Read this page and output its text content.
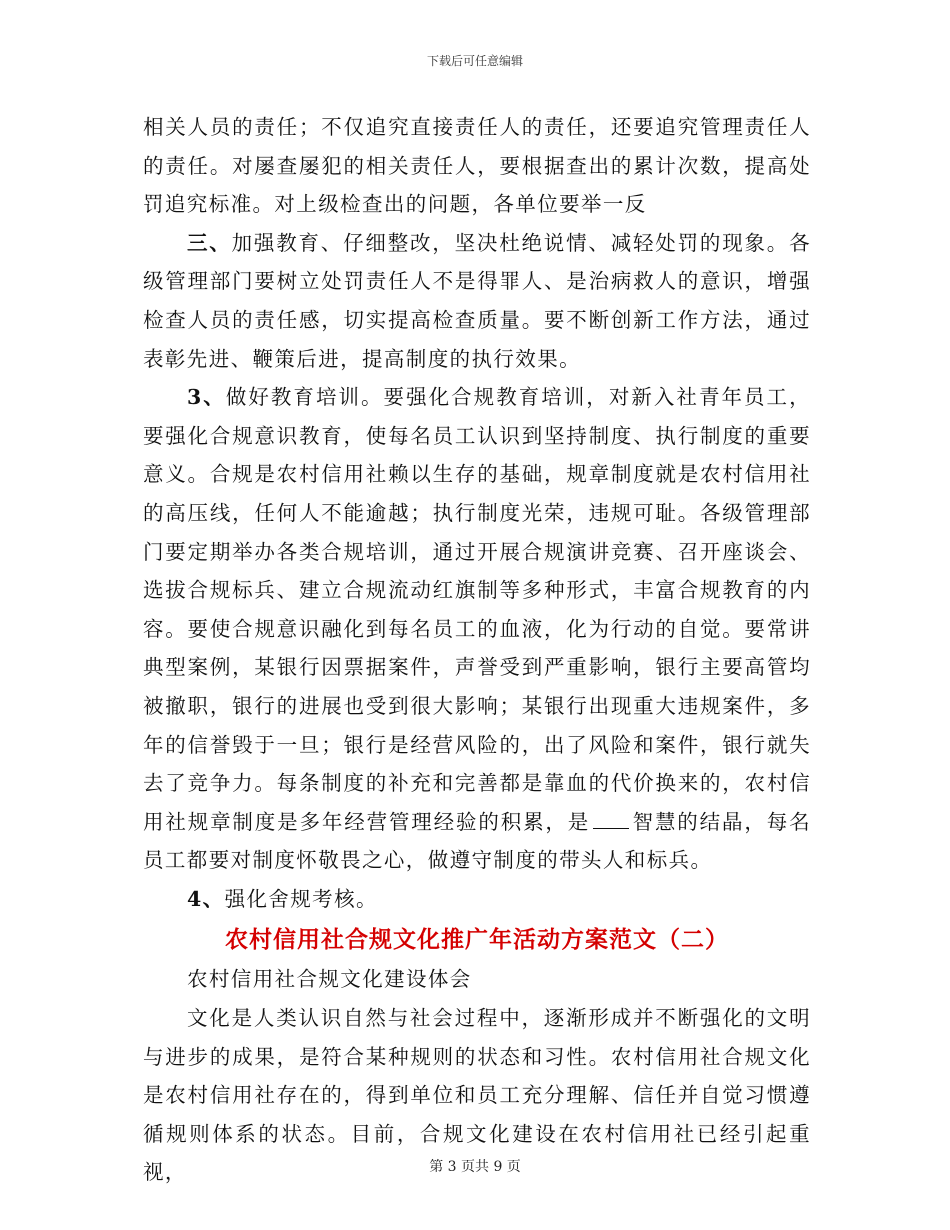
下载后可任意编辑

相关人员的责任；不仅追究直接责任人的责任，还要追究管理责任人的责任。对屡查屡犯的相关责任人，要根据查出的累计次数，提高处罚追究标准。对上级检查出的问题，各单位要举一反

三、加强教育、仔细整改，坚决杜绝说情、减轻处罚的现象。各级管理部门要树立处罚责任人不是得罪人、是治病救人的意识，增强检查人员的责任感，切实提高检查质量。要不断创新工作方法，通过表彰先进、鞭策后进，提高制度的执行效果。

3、做好教育培训。要强化合规教育培训，对新入社青年员工，要强化合规意识教育，使每名员工认识到坚持制度、执行制度的重要意义。合规是农村信用社赖以生存的基础，规章制度就是农村信用社的高压线，任何人不能逾越；执行制度光荣，违规可耻。各级管理部门要定期举办各类合规培训，通过开展合规演讲竞赛、召开座谈会、选拔合规标兵、建立合规流动红旗制等多种形式，丰富合规教育的内容。要使合规意识融化到每名员工的血液，化为行动的自觉。要常讲典型案例，某银行因票据案件，声誉受到严重影响，银行主要高管均被撤职，银行的进展也受到很大影响；某银行出现重大违规案件，多年的信誉毁于一旦；银行是经营风险的，出了风险和案件，银行就失去了竞争力。每条制度的补充和完善都是靠血的代价换来的，农村信用社规章制度是多年经营管理经验的积累，是 智慧的结晶，每名员工都要对制度怀敬畏之心，做遵守制度的带头人和标兵。

4、强化舍规考核。

农村信用社合规文化推广年活动方案范文（二）

农村信用社合规文化建设体会

文化是人类认识自然与社会过程中，逐渐形成并不断强化的文明与进步的成果，是符合某种规则的状态和习性。农村信用社合规文化是农村信用社存在的，得到单位和员工充分理解、信任并自觉习惯遵循规则体系的状态。目前，合规文化建设在农村信用社已经引起重视，	第 3 页共 9 页
